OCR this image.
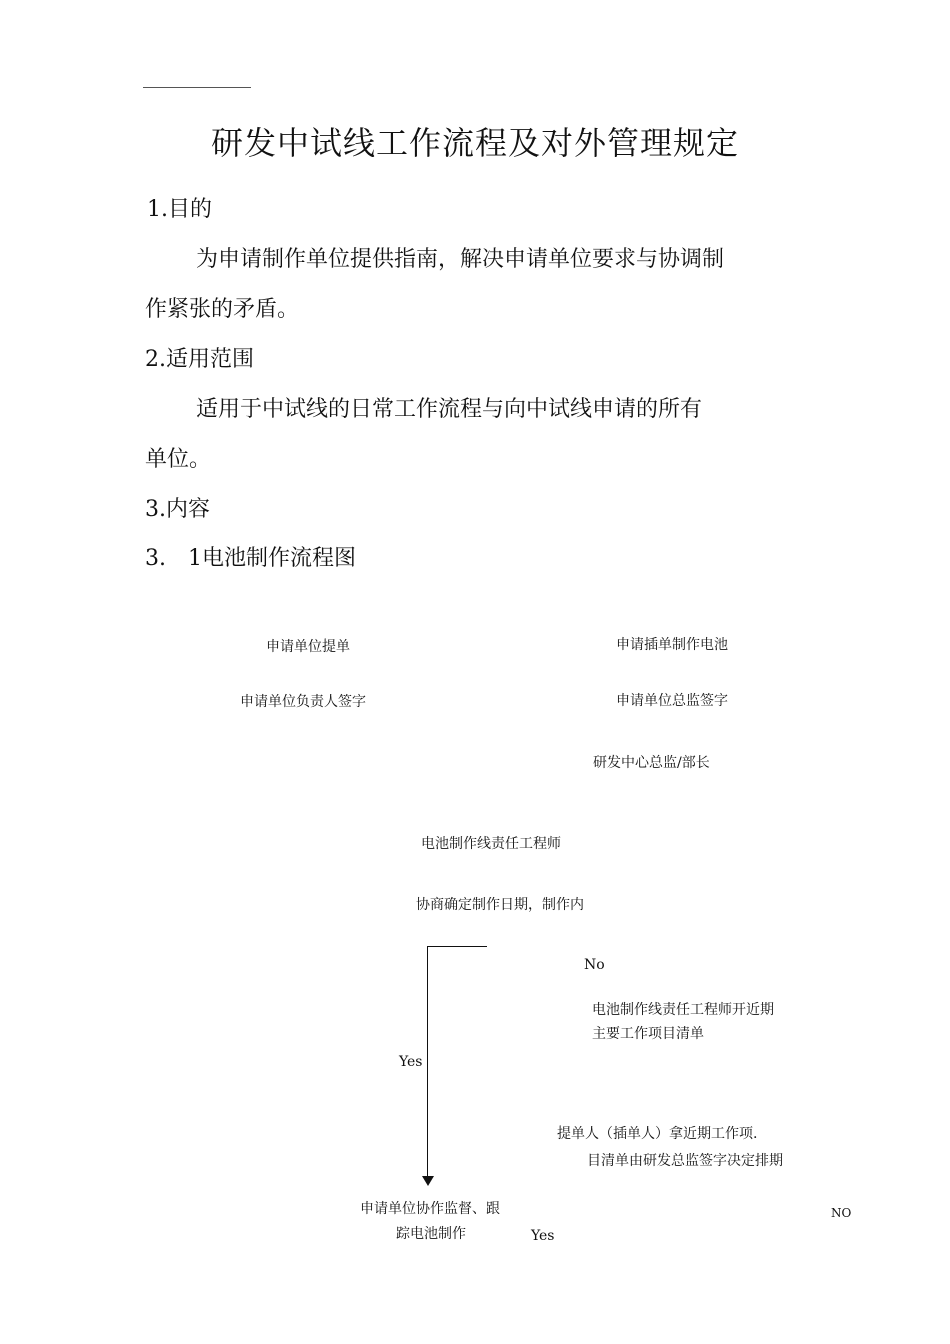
研发中试线工作流程及对外管理规定
1.目的
为申请制作单位提供指南，解决申请单位要求与协调制
作紧张的矛盾。
2.适用范围
适用于中试线的日常工作流程与向中试线申请的所有
单位。
3.内容
3.　1电池制作流程图
申请单位提单	申请插单制作电池
申请单位负责人签字	申请单位总监签字
研发中心总监/部长
电池制作线责任工程师
协商确定制作日期，制作内
No
电池制作线责任工程师开近期
主要工作项目清单
Yes
提单人（插单人）拿近期工作项.
目清单由研发总监签字决定排期
申请单位协作监督、跟
踪电池制作	Yes
NO
